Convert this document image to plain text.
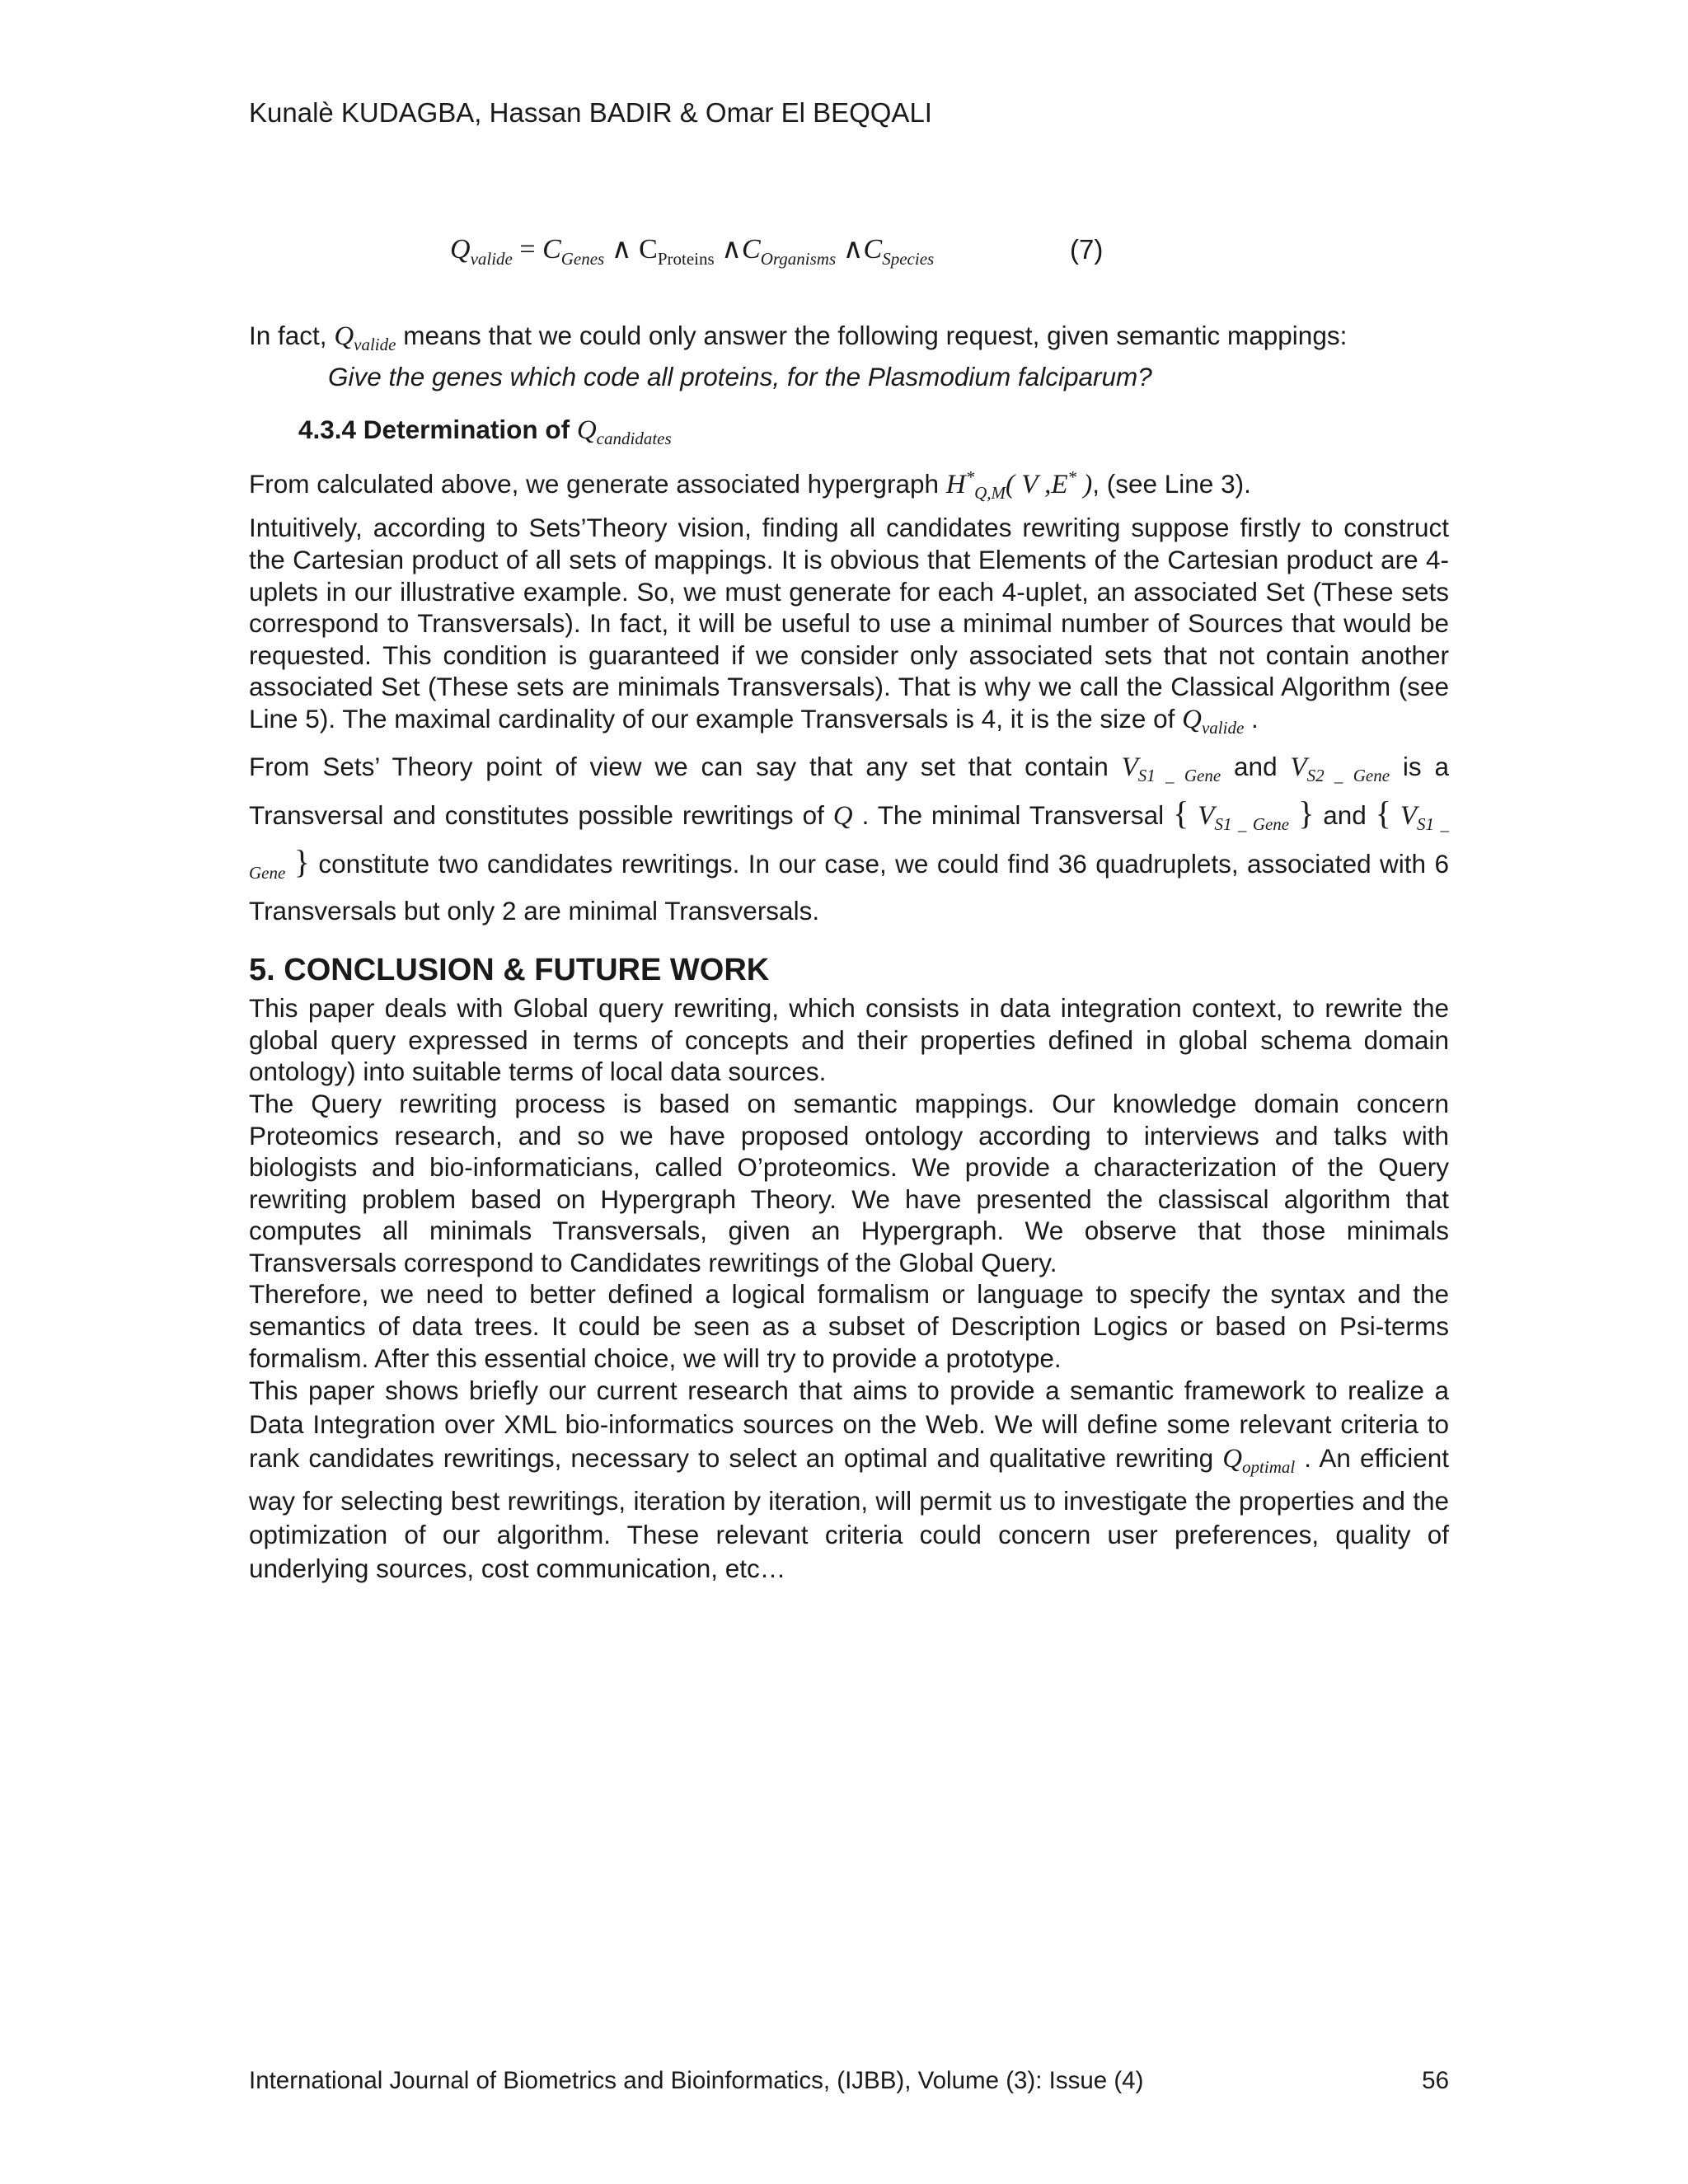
Kunalè KUDAGBA, Hassan BADIR & Omar El BEQQALI
$Q_{valide} = C_{Genes}$ ∧ $C_{Proteins}$ $\wedge C_{Organisms}$ $\wedge C_{Species}$	(7)

In fact, $Q_{valide}$ means that we could only answer the following request, given semantic mappings:

Give the genes which code all proteins, for the Plasmodium falciparum?

4.3.4 Determination of $Q_{candidates}$

From calculated above, we generate associated hypergraph $H^*_{Q,M}$( V ,E* ), (see Line 3).

Intuitively, according to Sets’Theory vision, finding all candidates rewriting suppose firstly to construct the Cartesian product of all sets of mappings. It is obvious that Elements of the Cartesian product are 4-uplets in our illustrative example. So, we must generate for each 4-uplet, an associated Set (These sets correspond to Transversals). In fact, it will be useful to use a minimal number of Sources that would be requested. This condition is guaranteed if we consider only associated sets that not contain another associated Set (These sets are minimals Transversals). That is why we call the Classical Algorithm (see Line 5). The maximal cardinality of our example Transversals is 4, it is the size of $Q_{valide}$ .

From Sets’ Theory point of view we can say that any set that contain $V_{S1 \_ Gene}$ and $V_{S2 \_ Gene}$ is a Transversal and constitutes possible rewritings of Q . The minimal Transversal { $V_{S1 \_ Gene}$ } and { $V_{S1 \_ Gene}$ } constitute two candidates rewritings. In our case, we could find 36 quadruplets, associated with 6 Transversals but only 2 are minimal Transversals.

5. CONCLUSION & FUTURE WORK

This paper deals with Global query rewriting, which consists in data integration context, to rewrite the global query expressed in terms of concepts and their properties defined in global schema domain ontology) into suitable terms of local data sources.

The Query rewriting process is based on semantic mappings. Our knowledge domain concern Proteomics research, and so we have proposed ontology according to interviews and talks with biologists and bio-informaticians, called O’proteomics. We provide a characterization of the Query rewriting problem based on Hypergraph Theory. We have presented the classiscal algorithm that computes all minimals Transversals, given an Hypergraph. We observe that those minimals Transversals correspond to Candidates rewritings of the Global Query.

Therefore, we need to better defined a logical formalism or language to specify the syntax and the semantics of data trees. It could be seen as a subset of Description Logics or based on Psi-terms formalism. After this essential choice, we will try to provide a prototype.

This paper shows briefly our current research that aims to provide a semantic framework to realize a Data Integration over XML bio-informatics sources on the Web. We will define some relevant criteria to rank candidates rewritings, necessary to select an optimal and qualitative rewriting $Q_{optimal}$ . An efficient way for selecting best rewritings, iteration by iteration, will permit us to investigate the properties and the optimization of our algorithm. These relevant criteria could concern user preferences, quality of underlying sources, cost communication, etc…

International Journal of Biometrics and Bioinformatics, (IJBB), Volume (3): Issue (4)	56
